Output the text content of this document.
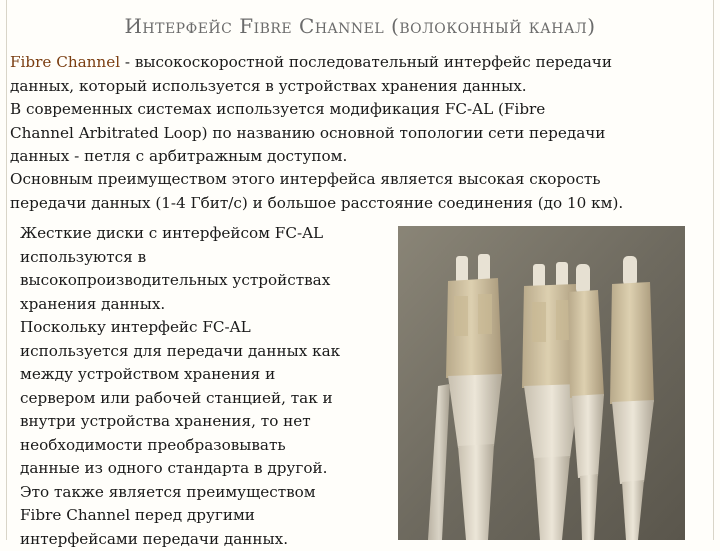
Интерфейс Fibre Channel (волоконный канал)

Fibre Channel - высокоскоростной последовательный интерфейс передачи
данных, который используется в устройствах хранения данных.

В современных системах используется модификация FC-AL (Fibre
Channel Arbitrated Loop) по названию основной топологии сети передачи
данных - петля с арбитражным доступом.

Основным преимуществом этого интерфейса является высокая скорость
передачи данных (1-4 Гбит/с) и большое расстояние соединения (до 10 км).

Жесткие диски с интерфейсом FC-AL
используются в
высокопроизводительных устройствах
хранения данных.
Поскольку интерфейс FC-AL
используется для передачи данных как
между устройством хранения и
сервером или рабочей станцией, так и
внутри устройства хранения, то нет
необходимости преобразовывать
данные из одного стандарта в другой.
Это также является преимуществом
Fibre Channel перед другими
интерфейсами передачи данных.
